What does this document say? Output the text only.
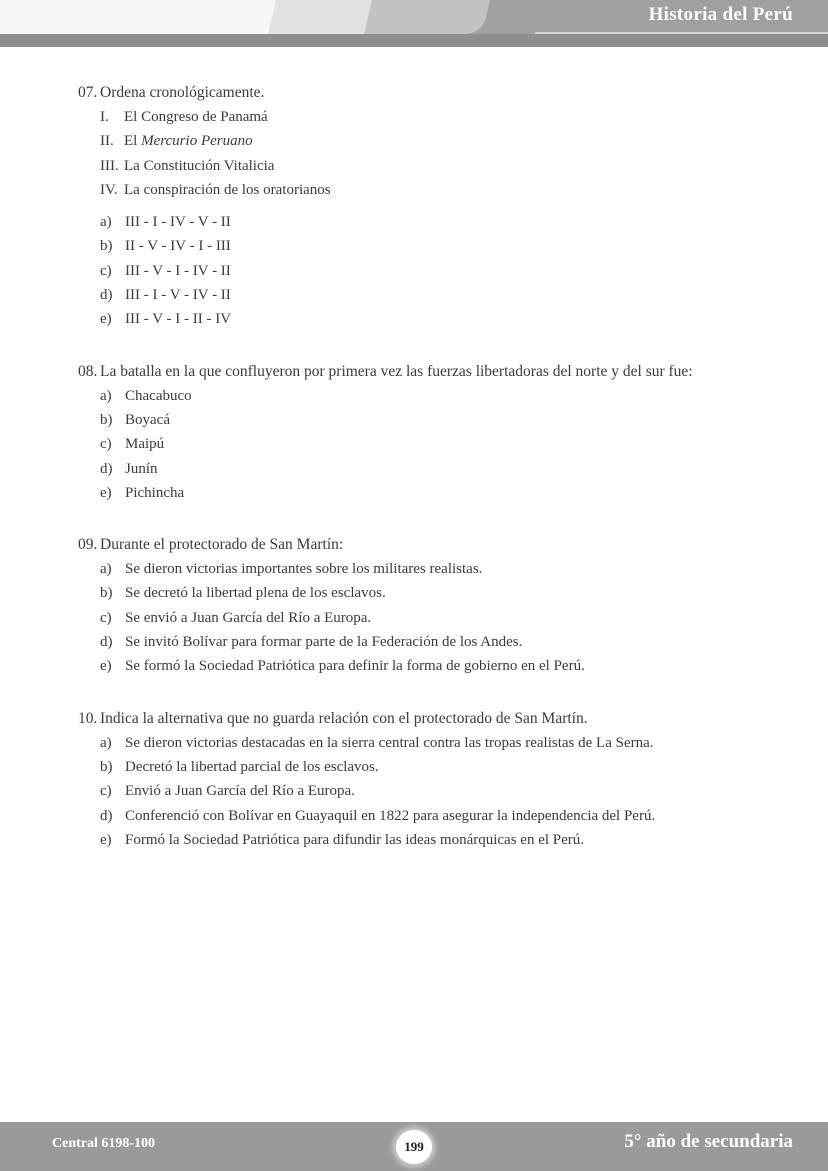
Historia del Perú
07. Ordena cronológicamente.
I.	El Congreso de Panamá
II. El Mercurio Peruano
III. La Constitución Vitalicia
IV. La conspiración de los oratorianos
a) III - I - IV - V - II
b) II - V - IV - I - III
c) III - V - I - IV - II
d) III - I - V - IV - II
e) III - V - I - II - IV
08. La batalla en la que confluyeron por primera vez las fuerzas libertadoras del norte y del sur fue:
a) Chacabuco
b) Boyacá
c) Maipú
d) Junín
e) Pichincha
09. Durante el protectorado de San Martín:
a) Se dieron victorias importantes sobre los militares realistas.
b) Se decretó la libertad plena de los esclavos.
c) Se envió a Juan García del Río a Europa.
d) Se invitó Bolívar para formar parte de la Federación de los Andes.
e) Se formó la Sociedad Patriótica para definir la forma de gobierno en el Perú.
10. Indica la alternativa que no guarda relación con el protectorado de San Martín.
a) Se dieron victorias destacadas en la sierra central contra las tropas realistas de La Serna.
b) Decretó la libertad parcial de los esclavos.
c) Envió a Juan García del Río a Europa.
d) Conferenció con Bolívar en Guayaquil en 1822 para asegurar la independencia del Perú.
e) Formó la Sociedad Patriótica para difundir las ideas monárquicas en el Perú.
Central 6198-100	199	5° año de secundaria
